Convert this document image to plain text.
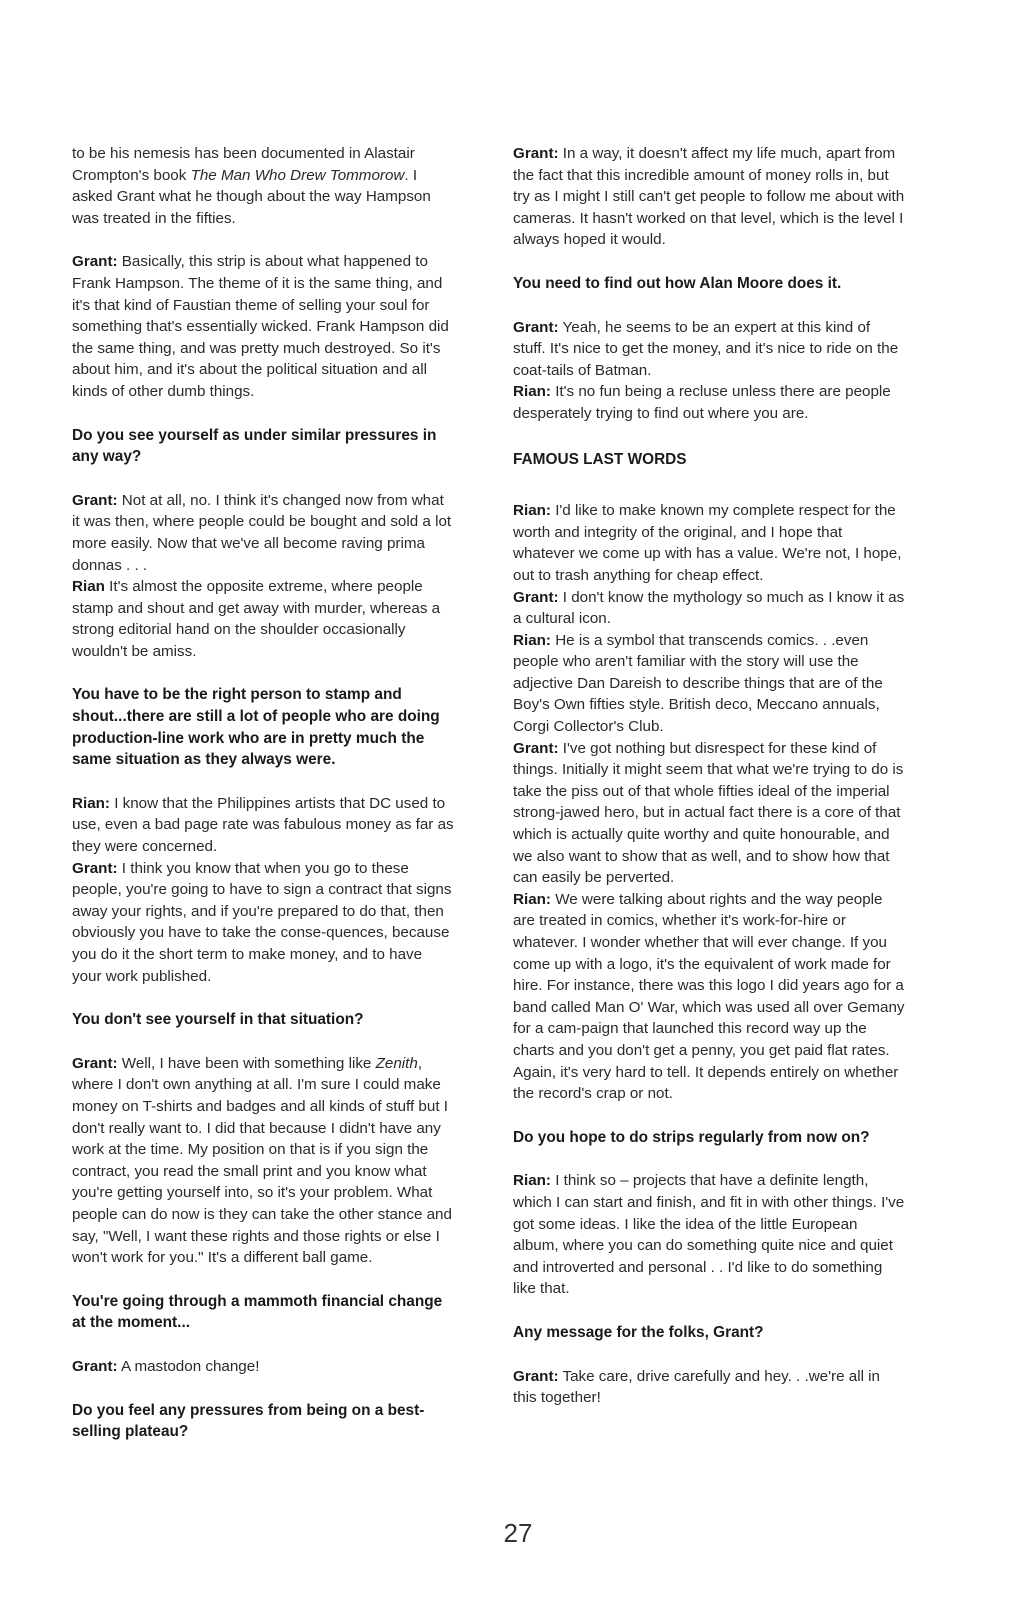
to be his nemesis has been documented in Alastair Crompton's book The Man Who Drew Tommorow. I asked Grant what he though about the way Hampson was treated in the fifties.

Grant: Basically, this strip is about what happened to Frank Hampson. The theme of it is the same thing, and it's that kind of Faustian theme of selling your soul for something that's essentially wicked. Frank Hampson did the same thing, and was pretty much destroyed. So it's about him, and it's about the political situation and all kinds of other dumb things.

Do you see yourself as under similar pressures in any way?

Grant: Not at all, no. I think it's changed now from what it was then, where people could be bought and sold a lot more easily. Now that we've all become raving prima donnas . . .

Rian It's almost the opposite extreme, where people stamp and shout and get away with murder, whereas a strong editorial hand on the shoulder occasionally wouldn't be amiss.

You have to be the right person to stamp and shout...there are still a lot of people who are doing production-line work who are in pretty much the same situation as they always were.

Rian: I know that the Philippines artists that DC used to use, even a bad page rate was fabulous money as far as they were concerned.

Grant: I think you know that when you go to these people, you're going to have to sign a contract that signs away your rights, and if you're prepared to do that, then obviously you have to take the conse-quences, because you do it the short term to make money, and to have your work published.

You don't see yourself in that situation?

Grant: Well, I have been with something like Zenith, where I don't own anything at all. I'm sure I could make money on T-shirts and badges and all kinds of stuff but I don't really want to. I did that because I didn't have any work at the time. My position on that is if you sign the contract, you read the small print and you know what you're getting yourself into, so it's your problem. What people can do now is they can take the other stance and say, "Well, I want these rights and those rights or else I won't work for you." It's a different ball game.

You're going through a mammoth financial change at the moment...

Grant: A mastodon change!

Do you feel any pressures from being on a best-selling plateau?

Grant: In a way, it doesn't affect my life much, apart from the fact that this incredible amount of money rolls in, but try as I might I still can't get people to follow me about with cameras. It hasn't worked on that level, which is the level I always hoped it would.

You need to find out how Alan Moore does it.

Grant: Yeah, he seems to be an expert at this kind of stuff. It's nice to get the money, and it's nice to ride on the coat-tails of Batman.

Rian: It's no fun being a recluse unless there are people desperately trying to find out where you are.

FAMOUS LAST WORDS

Rian: I'd like to make known my complete respect for the worth and integrity of the original, and I hope that whatever we come up with has a value. We're not, I hope, out to trash anything for cheap effect.

Grant: I don't know the mythology so much as I know it as a cultural icon.

Rian: He is a symbol that transcends comics. . .even people who aren't familiar with the story will use the adjective Dan Dareish to describe things that are of the Boy's Own fifties style. British deco, Meccano annuals, Corgi Collector's Club.

Grant: I've got nothing but disrespect for these kind of things. Initially it might seem that what we're trying to do is take the piss out of that whole fifties ideal of the imperial strong-jawed hero, but in actual fact there is a core of that which is actually quite worthy and quite honourable, and we also want to show that as well, and to show how that can easily be perverted.

Rian: We were talking about rights and the way people are treated in comics, whether it's work-for-hire or whatever. I wonder whether that will ever change. If you come up with a logo, it's the equivalent of work made for hire. For instance, there was this logo I did years ago for a band called Man O' War, which was used all over Gemany for a cam-paign that launched this record way up the charts and you don't get a penny, you get paid flat rates. Again, it's very hard to tell. It depends entirely on whether the record's crap or not.

Do you hope to do strips regularly from now on?

Rian: I think so – projects that have a definite length, which I can start and finish, and fit in with other things. I've got some ideas. I like the idea of the little European album, where you can do something quite nice and quiet and introverted and personal . . I'd like to do something like that.

Any message for the folks, Grant?

Grant: Take care, drive carefully and hey. . .we're all in this together!

27
